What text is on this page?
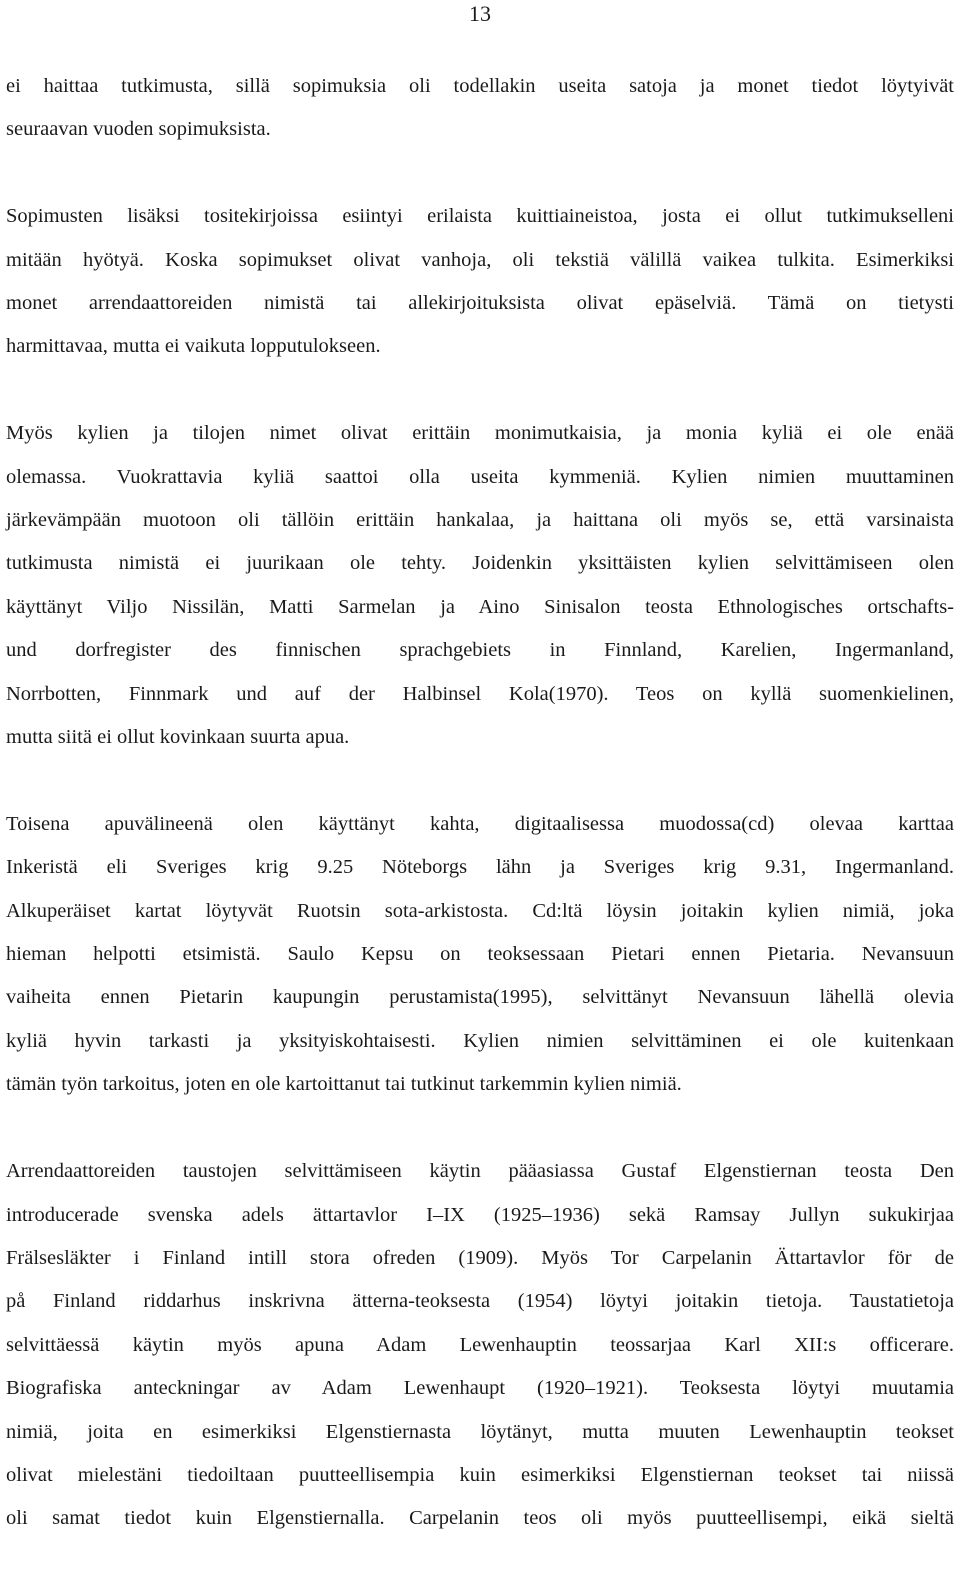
13
ei haittaa tutkimusta, sillä sopimuksia oli todellakin useita satoja ja monet tiedot löytyivät
seuraavan vuoden sopimuksista.
Sopimusten lisäksi tositekirjoissa esiintyi erilaista kuittiaineistoa, josta ei ollut tutkimukselleni
mitään hyötyä. Koska sopimukset olivat vanhoja, oli tekstiä välillä vaikea tulkita. Esimerkiksi
monet arrendaattoreiden nimistä tai allekirjoituksista olivat epäselviä. Tämä on tietysti
harmittavaa, mutta ei vaikuta lopputulokseen.
Myös kylien ja tilojen nimet olivat erittäin monimutkaisia, ja monia kyliä ei ole enää
olemassa. Vuokrattavia kyliä saattoi olla useita kymmeniä. Kylien nimien muuttaminen
järkevämpään muotoon oli tällöin erittäin hankalaa, ja haittana oli myös se, että varsinaista
tutkimusta nimistä ei juurikaan ole tehty. Joidenkin yksittäisten kylien selvittämiseen olen
käyttänyt Viljo Nissilän, Matti Sarmelan ja Aino Sinisalon teosta Ethnologisches ortschafts-
und dorfregister des finnischen sprachgebiets in Finnland, Karelien, Ingermanland,
Norrbotten, Finnmark und auf der Halbinsel Kola(1970). Teos on kyllä suomenkielinen,
mutta siitä ei ollut kovinkaan suurta apua.
Toisena apuvälineenä olen käyttänyt kahta, digitaalisessa muodossa(cd) olevaa karttaa
Inkeristä eli Sveriges krig 9.25 Nöteborgs lähn ja Sveriges krig 9.31, Ingermanland.
Alkuperäiset kartat löytyvät Ruotsin sota-arkistosta. Cd:ltä löysin joitakin kylien nimiä, joka
hieman helpotti etsimistä. Saulo Kepsu on teoksessaan Pietari ennen Pietaria. Nevansuun
vaiheita ennen Pietarin kaupungin perustamista(1995), selvittänyt Nevansuun lähellä olevia
kyliä hyvin tarkasti ja yksityiskohtaisesti. Kylien nimien selvittäminen ei ole kuitenkaan
tämän työn tarkoitus, joten en ole kartoittanut tai tutkinut tarkemmin kylien nimiä.
Arrendaattoreiden taustojen selvittämiseen käytin pääasiassa Gustaf Elgenstiernan teosta Den
introducerade svenska adels ättartavlor I–IX (1925–1936) sekä Ramsay Jullyn sukukirjaa
Frälsesläkter i Finland intill stora ofreden (1909). Myös Tor Carpelanin Ättartavlor för de
på Finland riddarhus inskrivna ätterna-teoksesta (1954) löytyi joitakin tietoja. Taustatietoja
selvittäessä käytin myös apuna Adam Lewenhauptin teossarjaa Karl XII:s officerare.
Biografiska anteckningar av Adam Lewenhaupt (1920–1921). Teoksesta löytyi muutamia
nimiä, joita en esimerkiksi Elgenstiernasta löytänyt, mutta muuten Lewenhauptin teokset
olivat mielestäni tiedoiltaan puutteellisempia kuin esimerkiksi Elgenstiernan teokset tai niissä
oli samat tiedot kuin Elgenstiernalla. Carpelanin teos oli myös puutteellisempi, eikä sieltä
